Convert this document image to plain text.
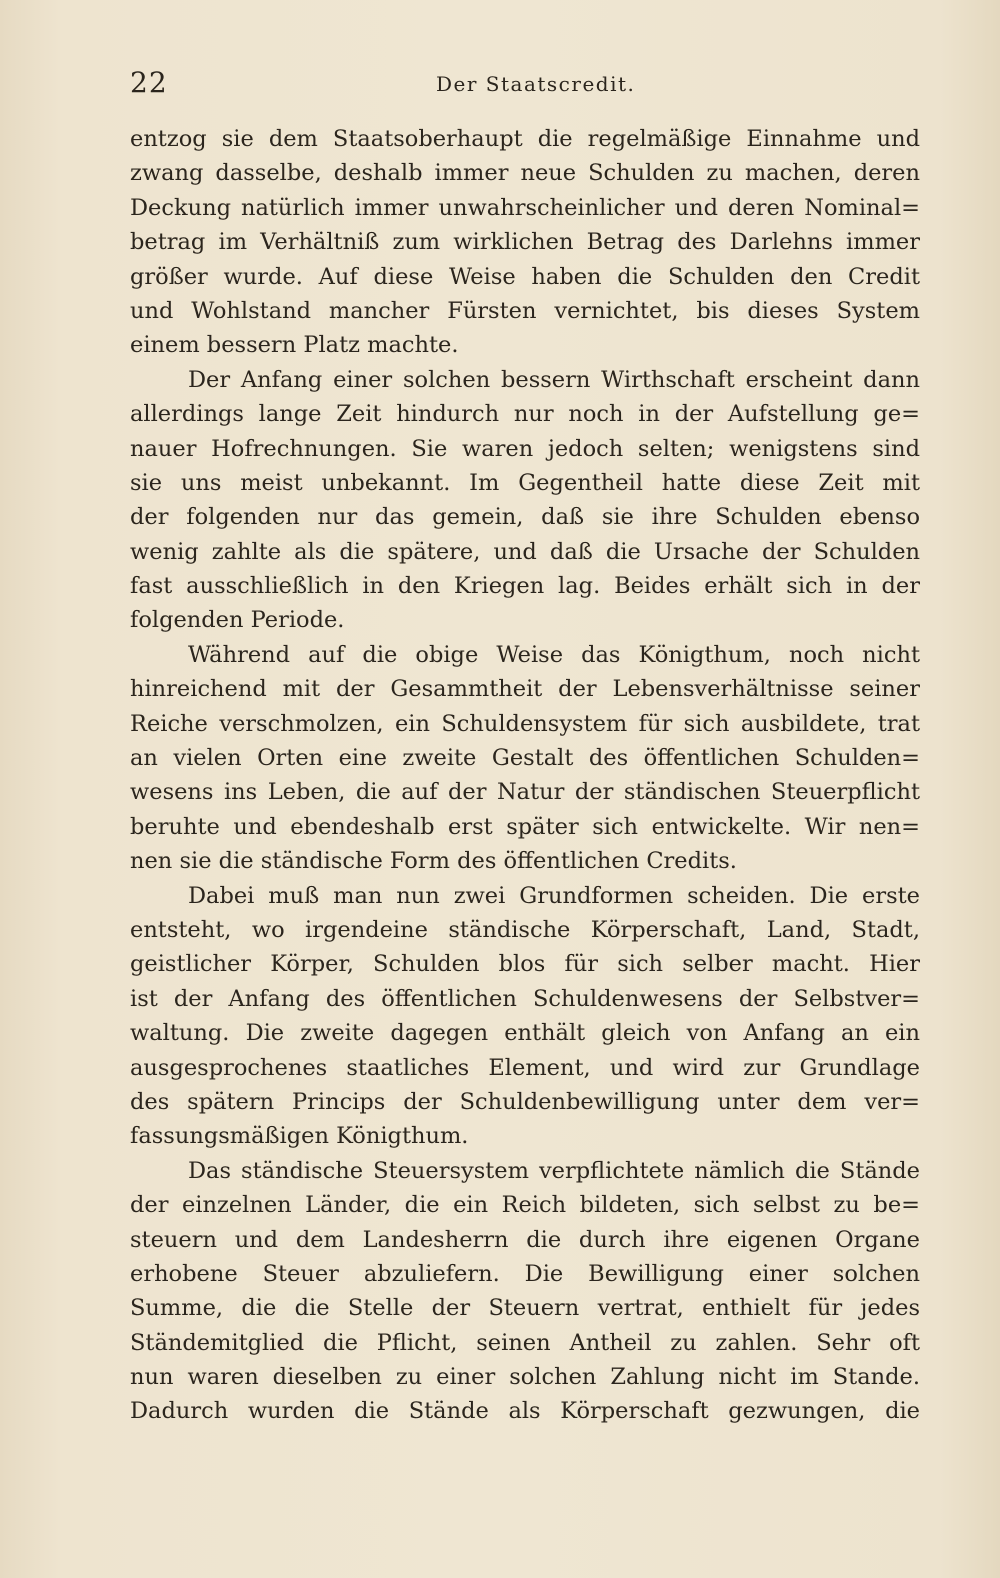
22	Der Staatscredit.
entzog sie dem Staatsoberhaupt die regelmäßige Einnahme und
zwang dasselbe, deshalb immer neue Schulden zu machen, deren
Deckung natürlich immer unwahrscheinlicher und deren Nominal=
betrag im Verhältniß zum wirklichen Betrag des Darlehns immer
größer wurde. Auf diese Weise haben die Schulden den Credit
und Wohlstand mancher Fürsten vernichtet, bis dieses System
einem bessern Platz machte.
Der Anfang einer solchen bessern Wirthschaft erscheint dann
allerdings lange Zeit hindurch nur noch in der Aufstellung ge=
nauer Hofrechnungen. Sie waren jedoch selten; wenigstens sind
sie uns meist unbekannt. Im Gegentheil hatte diese Zeit mit
der folgenden nur das gemein, daß sie ihre Schulden ebenso
wenig zahlte als die spätere, und daß die Ursache der Schulden
fast ausschließlich in den Kriegen lag. Beides erhält sich in der
folgenden Periode.
Während auf die obige Weise das Königthum, noch nicht
hinreichend mit der Gesammtheit der Lebensverhältnisse seiner
Reiche verschmolzen, ein Schuldensystem für sich ausbildete, trat
an vielen Orten eine zweite Gestalt des öffentlichen Schulden=
wesens ins Leben, die auf der Natur der ständischen Steuerpflicht
beruhte und ebendeshalb erst später sich entwickelte. Wir nen=
nen sie die ständische Form des öffentlichen Credits.
Dabei muß man nun zwei Grundformen scheiden. Die erste
entsteht, wo irgendeine ständische Körperschaft, Land, Stadt,
geistlicher Körper, Schulden blos für sich selber macht. Hier
ist der Anfang des öffentlichen Schuldenwesens der Selbstver=
waltung. Die zweite dagegen enthält gleich von Anfang an ein
ausgesprochenes staatliches Element, und wird zur Grundlage
des spätern Princips der Schuldenbewilligung unter dem ver=
fassungsmäßigen Königthum.
Das ständische Steuersystem verpflichtete nämlich die Stände
der einzelnen Länder, die ein Reich bildeten, sich selbst zu be=
steuern und dem Landesherrn die durch ihre eigenen Organe
erhobene Steuer abzuliefern. Die Bewilligung einer solchen
Summe, die die Stelle der Steuern vertrat, enthielt für jedes
Ständemitglied die Pflicht, seinen Antheil zu zahlen. Sehr oft
nun waren dieselben zu einer solchen Zahlung nicht im Stande.
Dadurch wurden die Stände als Körperschaft gezwungen, die
